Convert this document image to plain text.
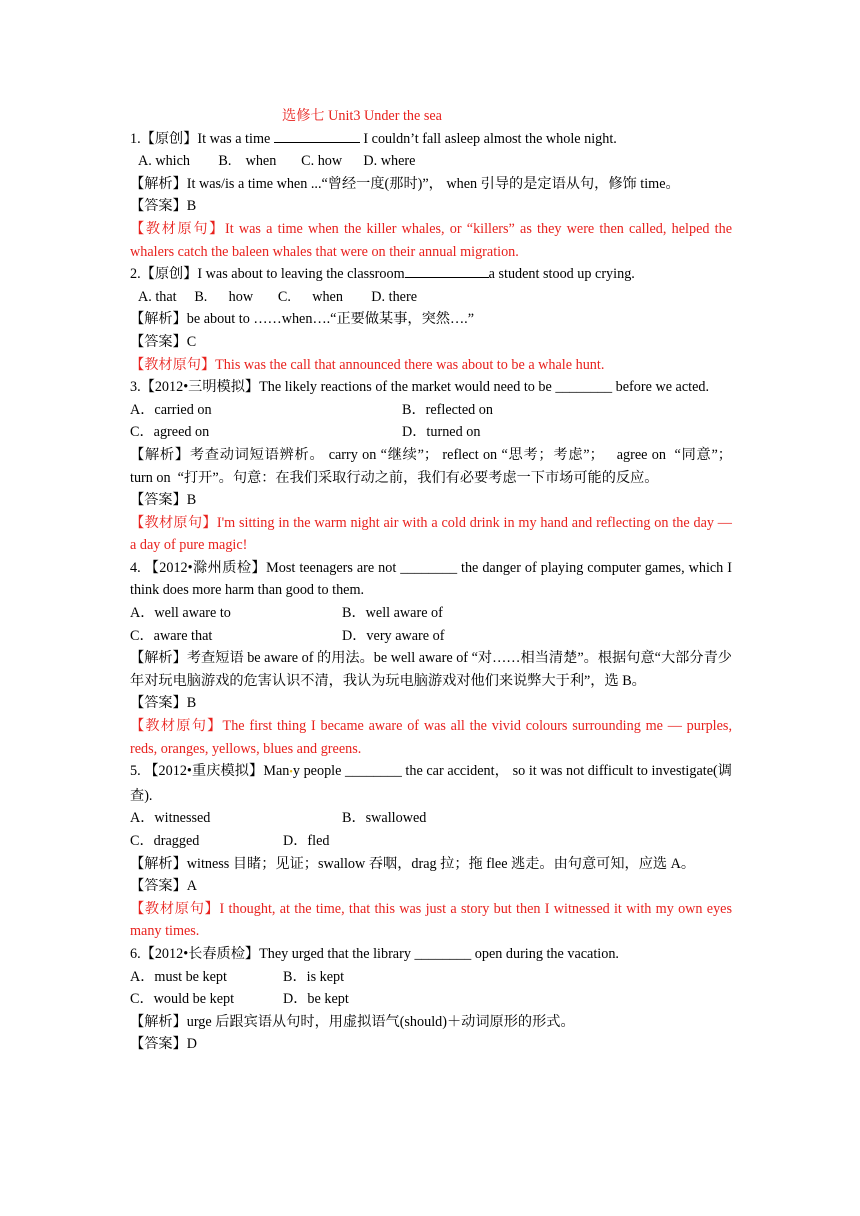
选修七 Unit3 Under the sea
1.【原创】It was a time	I couldn’t fall asleep almost the whole night.
A. which        B.    when       C. how      D. where
【解析】It was/is a time when ...“曾经一度(那时)”， when 引导的是定语从句，修饰 time。
【答案】B
【教材原句】It was a time when the killer whales, or “killers” as they were then called, helped the whalers catch the baleen whales that were on their annual migration.
2.【原创】I was about to leaving the classroom	a student stood up crying.
A. that     B.      how       C.      when        D. there
【解析】be about to ……when….“正要做某事，突然….”
【答案】C
【教材原句】This was the call that announced there was about to be a whale hunt.
3.【2012•三明模拟】The likely reactions of the market would need to be ________ before we acted.
A．carried on	B．reflected on
C．agreed on	D．turned on
【解析】考查动词短语辨析。 carry on “继续”； reflect on “思考；考虑”；   agree on  “同意”；  turn on  “打开”。句意：在我们采取行动之前，我们有必要考虑一下市场可能的反应。
【答案】B
【教材原句】I'm sitting in the warm night air with a cold drink in my hand and reflecting on the day — a day of pure magic!
4. 【2012•滁州质检】Most teenagers are not ________ the danger of playing computer games, which I think does more harm than good to them.
A．well aware to	B．well aware of
C．aware that	D．very aware of
【解析】考查短语 be aware of 的用法。be well aware of “对……相当清楚”。根据句意“大部分青少年对玩电脑游戏的危害认识不清，我认为玩电脑游戏对他们来说弊大于利”，选 B。
【答案】B
【教材原句】The first thing I became aware of was all the vivid colours surrounding me — purples, reds, oranges, yellows, blues and greens.
5. 【2012•重庆模拟】Man•y people ________ the car accident， so it was not difficult to investigate(调查).
A．witnessed	B．swallowed
C．dragged	D．fled
【解析】witness 目睹；见证；swallow 吞咽，drag 拉；拖 flee 逃走。由句意可知，应选 A。
【答案】A
【教材原句】I thought, at the time, that this was just a story but then I witnessed it with my own eyes many times.
6.【2012•长春质检】They urged that the library ________ open during the vacation.
A．must be kept	B．is kept
C．would be kept	D．be kept
【解析】urge 后跟宾语从句时，用虚拟语气(should)＋动词原形的形式。
【答案】D
